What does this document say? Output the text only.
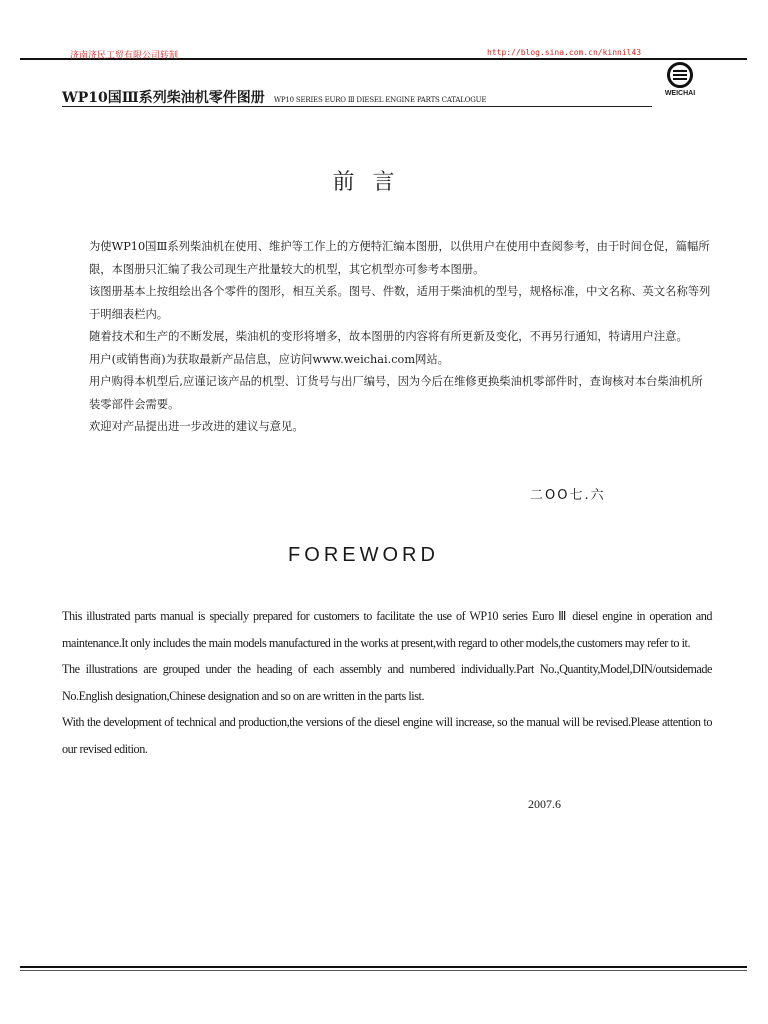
济南济民工贸有限公司转制	http://blog.sina.com.cn/kinnil43
WP10国Ⅲ系列柴油机零件图册 WP10 SERIES EURO Ⅲ DIESEL ENGINE PARTS CATALOGUE
WEICHAI
前言

为使WP10国Ⅲ系列柴油机在使用、维护等工作上的方便特汇编本图册，以供用户在使用中查阅参考，由于时间仓促，篇幅所限，本图册只汇编了我公司现生产批量较大的机型，其它机型亦可参考本图册。

该图册基本上按组绘出各个零件的图形，相互关系。图号、件数，适用于柴油机的型号，规格标准，中文名称、英文名称等列于明细表栏内。

随着技术和生产的不断发展，柴油机的变形将增多，故本图册的内容将有所更新及变化，不再另行通知，特请用户注意。

用户(或销售商)为获取最新产品信息，应访问www.weichai.com网站。

用户购得本机型后,应谨记该产品的机型、订货号与出厂编号，因为今后在维修更换柴油机零部件时，查询核对本台柴油机所装零部件会需要。

欢迎对产品提出进一步改进的建议与意见。

二OO七.六
FOREWORD

This illustrated parts manual is specially prepared for customers to facilitate the use of WP10 series Euro Ⅲ diesel engine in operation and maintenance.It only includes the main models manufactured in the works at present,with regard to other models,the customers may refer to it.

The illustrations are grouped under the heading of each assembly and numbered individually.Part No.,Quantity,Model,DIN/outsidemade No.English designation,Chinese designation and so on are written in the parts list.

With the development of technical and production,the versions of the diesel engine will increase, so the manual will be revised.Please attention to our revised edition.

2007.6
